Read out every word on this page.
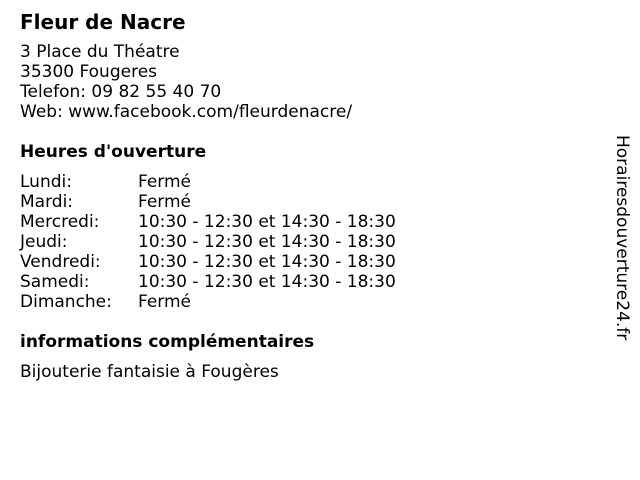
Fleur de Nacre
3 Place du Théatre
35300 Fougeres
Telefon: 09 82 55 40 70
Web: www.facebook.com/fleurdenacre/
Heures d'ouverture
Lundi:	Fermé
Mardi:	Fermé
Mercredi:	10:30 - 12:30 et 14:30 - 18:30
Jeudi:	10:30 - 12:30 et 14:30 - 18:30
Vendredi:	10:30 - 12:30 et 14:30 - 18:30
Samedi:	10:30 - 12:30 et 14:30 - 18:30
Dimanche:	Fermé
informations complémentaires
Bijouterie fantaisie à Fougères
Horairesdouverture24.fr
